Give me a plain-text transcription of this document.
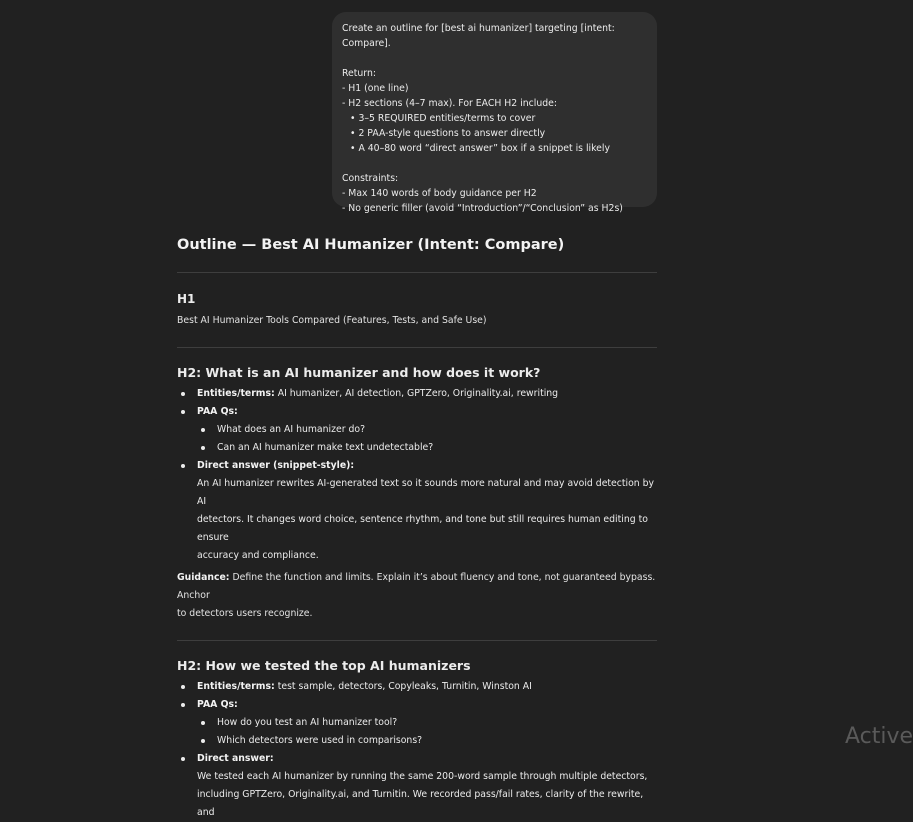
Create an outline for [best ai humanizer] targeting [intent: Compare].
Return:
- H1 (one line)
- H2 sections (4–7 max). For EACH H2 include:
• 3–5 REQUIRED entities/terms to cover
• 2 PAA-style questions to answer directly
• A 40–80 word “direct answer” box if a snippet is likely
Constraints:
- Max 140 words of body guidance per H2
- No generic filler (avoid “Introduction”/“Conclusion” as H2s)
Outline — Best AI Humanizer (Intent: Compare)
H1
Best AI Humanizer Tools Compared (Features, Tests, and Safe Use)
H2: What is an AI humanizer and how does it work?
Entities/terms: AI humanizer, AI detection, GPTZero, Originality.ai, rewriting
PAA Qs:
What does an AI humanizer do?
Can an AI humanizer make text undetectable?
Direct answer (snippet-style):
An AI humanizer rewrites AI-generated text so it sounds more natural and may avoid detection by AI
detectors. It changes word choice, sentence rhythm, and tone but still requires human editing to ensure
accuracy and compliance.
Guidance: Define the function and limits. Explain it’s about fluency and tone, not guaranteed bypass. Anchor
to detectors users recognize.
H2: How we tested the top AI humanizers
Entities/terms: test sample, detectors, Copyleaks, Turnitin, Winston AI
PAA Qs:
How do you test an AI humanizer tool?
Which detectors were used in comparisons?
Direct answer:
We tested each AI humanizer by running the same 200-word sample through multiple detectors,
including GPTZero, Originality.ai, and Turnitin. We recorded pass/fail rates, clarity of the rewrite, and
Active
